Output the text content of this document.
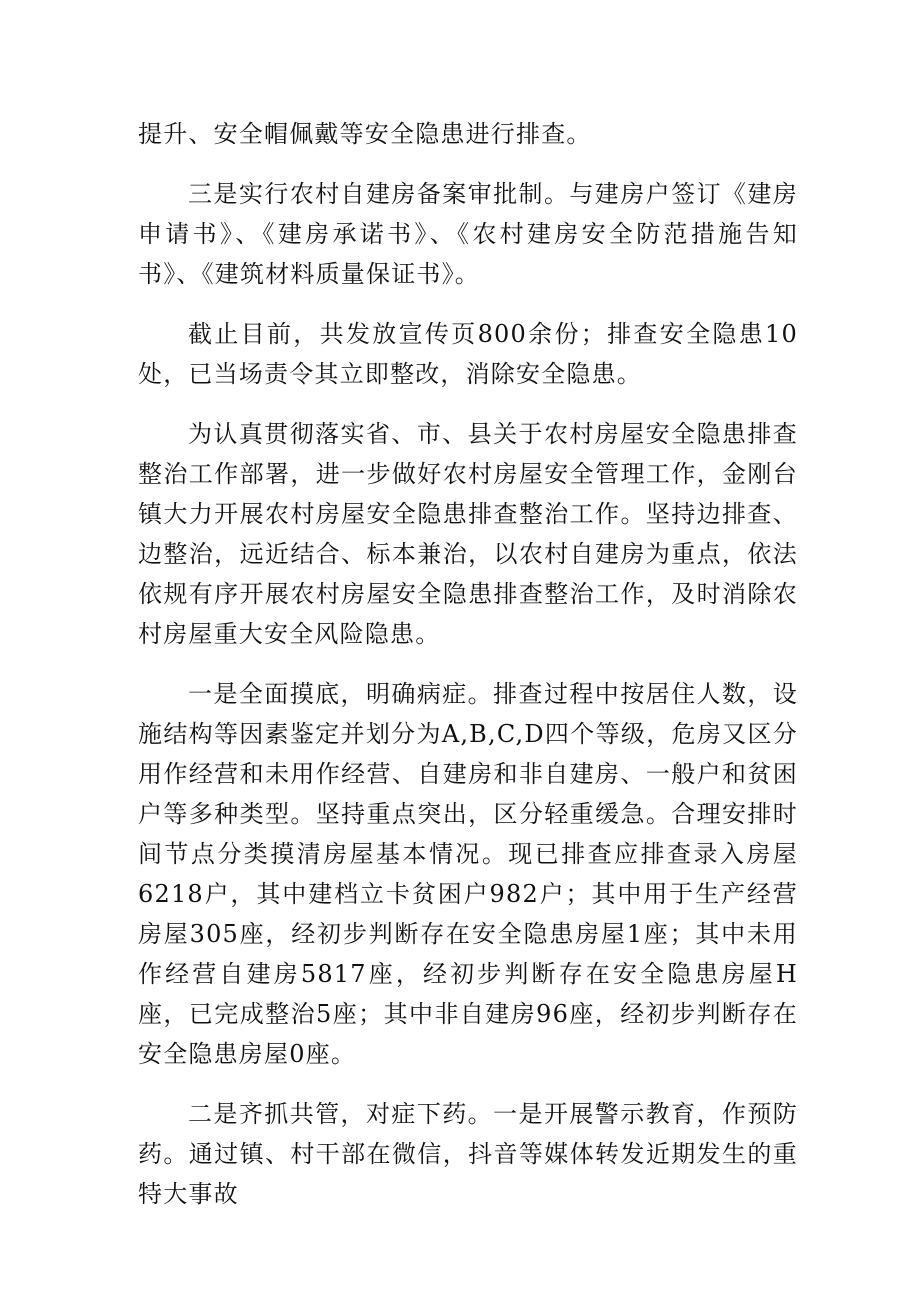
提升、安全帽佩戴等安全隐患进行排查。

三是实行农村自建房备案审批制。与建房户签订《建房申请书》、《建房承诺书》、《农村建房安全防范措施告知书》、《建筑材料质量保证书》。

截止目前，共发放宣传页800余份；排查安全隐患10处，已当场责令其立即整改，消除安全隐患。

为认真贯彻落实省、市、县关于农村房屋安全隐患排查整治工作部署，进一步做好农村房屋安全管理工作，金刚台镇大力开展农村房屋安全隐患排查整治工作。坚持边排查、边整治，远近结合、标本兼治，以农村自建房为重点，依法依规有序开展农村房屋安全隐患排查整治工作，及时消除农村房屋重大安全风险隐患。

一是全面摸底，明确病症。排查过程中按居住人数，设施结构等因素鉴定并划分为A,B,C,D四个等级，危房又区分用作经营和未用作经营、自建房和非自建房、一般户和贫困户等多种类型。坚持重点突出，区分轻重缓急。合理安排时间节点分类摸清房屋基本情况。现已排查应排查录入房屋6218户，其中建档立卡贫困户982户；其中用于生产经营房屋305座，经初步判断存在安全隐患房屋1座；其中未用作经营自建房5817座，经初步判断存在安全隐患房屋H座，已完成整治5座；其中非自建房96座，经初步判断存在安全隐患房屋0座。

二是齐抓共管，对症下药。一是开展警示教育，作预防药。通过镇、村干部在微信，抖音等媒体转发近期发生的重特大事故
